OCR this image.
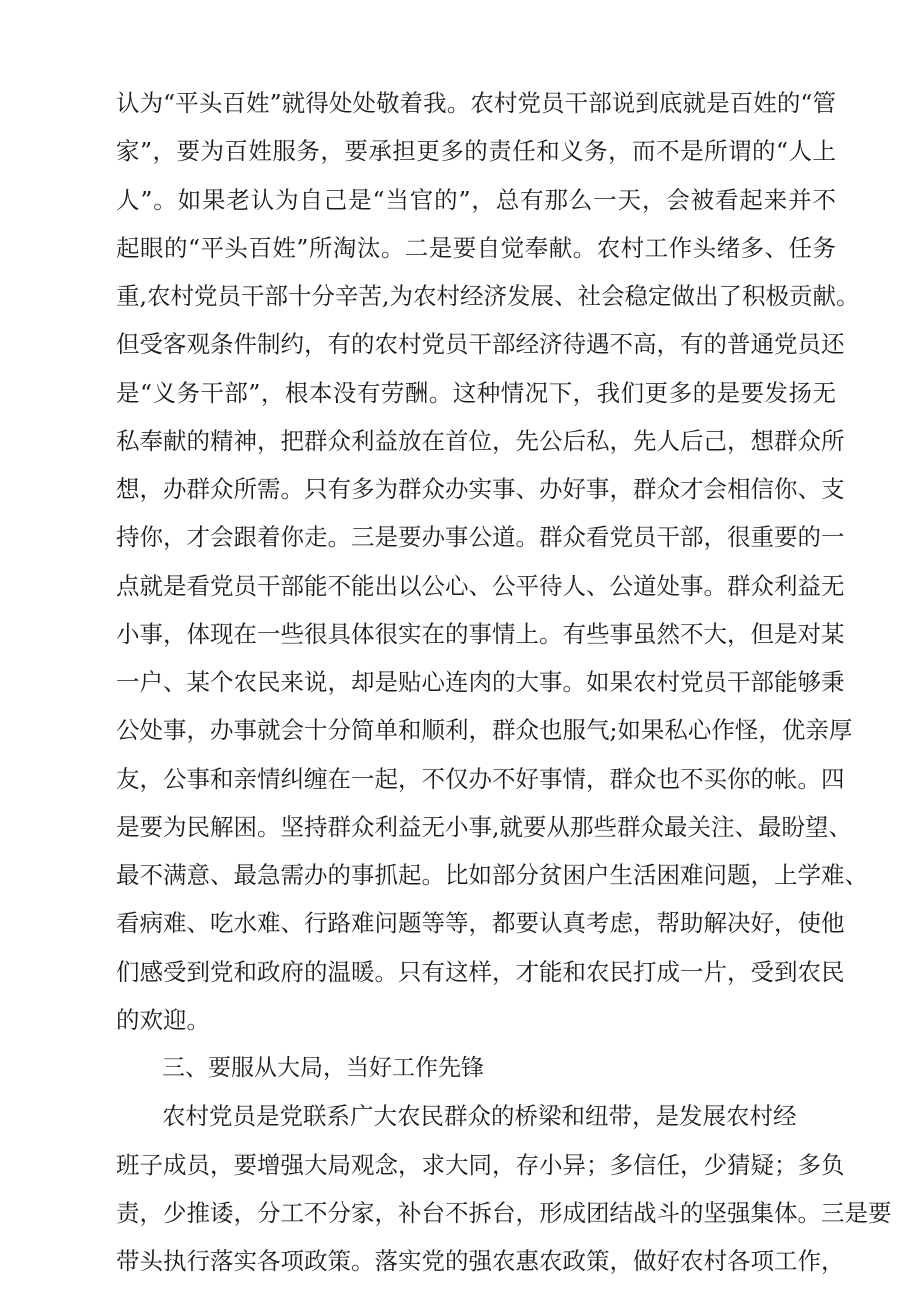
认为“平头百姓”就得处处敬着我。农村党员干部说到底就是百姓的“管
家”，要为百姓服务，要承担更多的责任和义务，而不是所谓的“人上
人”。如果老认为自己是“当官的”，总有那么一天，会被看起来并不
起眼的“平头百姓”所淘汰。二是要自觉奉献。农村工作头绪多、任务
重,农村党员干部十分辛苦,为农村经济发展、社会稳定做出了积极贡献。
但受客观条件制约，有的农村党员干部经济待遇不高，有的普通党员还
是“义务干部”，根本没有劳酬。这种情况下，我们更多的是要发扬无
私奉献的精神，把群众利益放在首位，先公后私，先人后己，想群众所
想，办群众所需。只有多为群众办实事、办好事，群众才会相信你、支
持你，才会跟着你走。三是要办事公道。群众看党员干部，很重要的一
点就是看党员干部能不能出以公心、公平待人、公道处事。群众利益无
小事，体现在一些很具体很实在的事情上。有些事虽然不大，但是对某
一户、某个农民来说，却是贴心连肉的大事。如果农村党员干部能够秉
公处事，办事就会十分简单和顺利，群众也服气;如果私心作怪，优亲厚
友，公事和亲情纠缠在一起，不仅办不好事情，群众也不买你的帐。四
是要为民解困。坚持群众利益无小事,就要从那些群众最关注、最盼望、
最不满意、最急需办的事抓起。比如部分贫困户生活困难问题，上学难、
看病难、吃水难、行路难问题等等，都要认真考虑，帮助解决好，使他
们感受到党和政府的温暖。只有这样，才能和农民打成一片，受到农民
的欢迎。
三、要服从大局，当好工作先锋
农村党员是党联系广大农民群众的桥梁和纽带，是发展农村经
班子成员，要增强大局观念，求大同，存小异；多信任，少猜疑；多负
责，少推诿，分工不分家，补台不拆台，形成团结战斗的坚强集体。三是要
带头执行落实各项政策。落实党的强农惠农政策，做好农村各项工作，
